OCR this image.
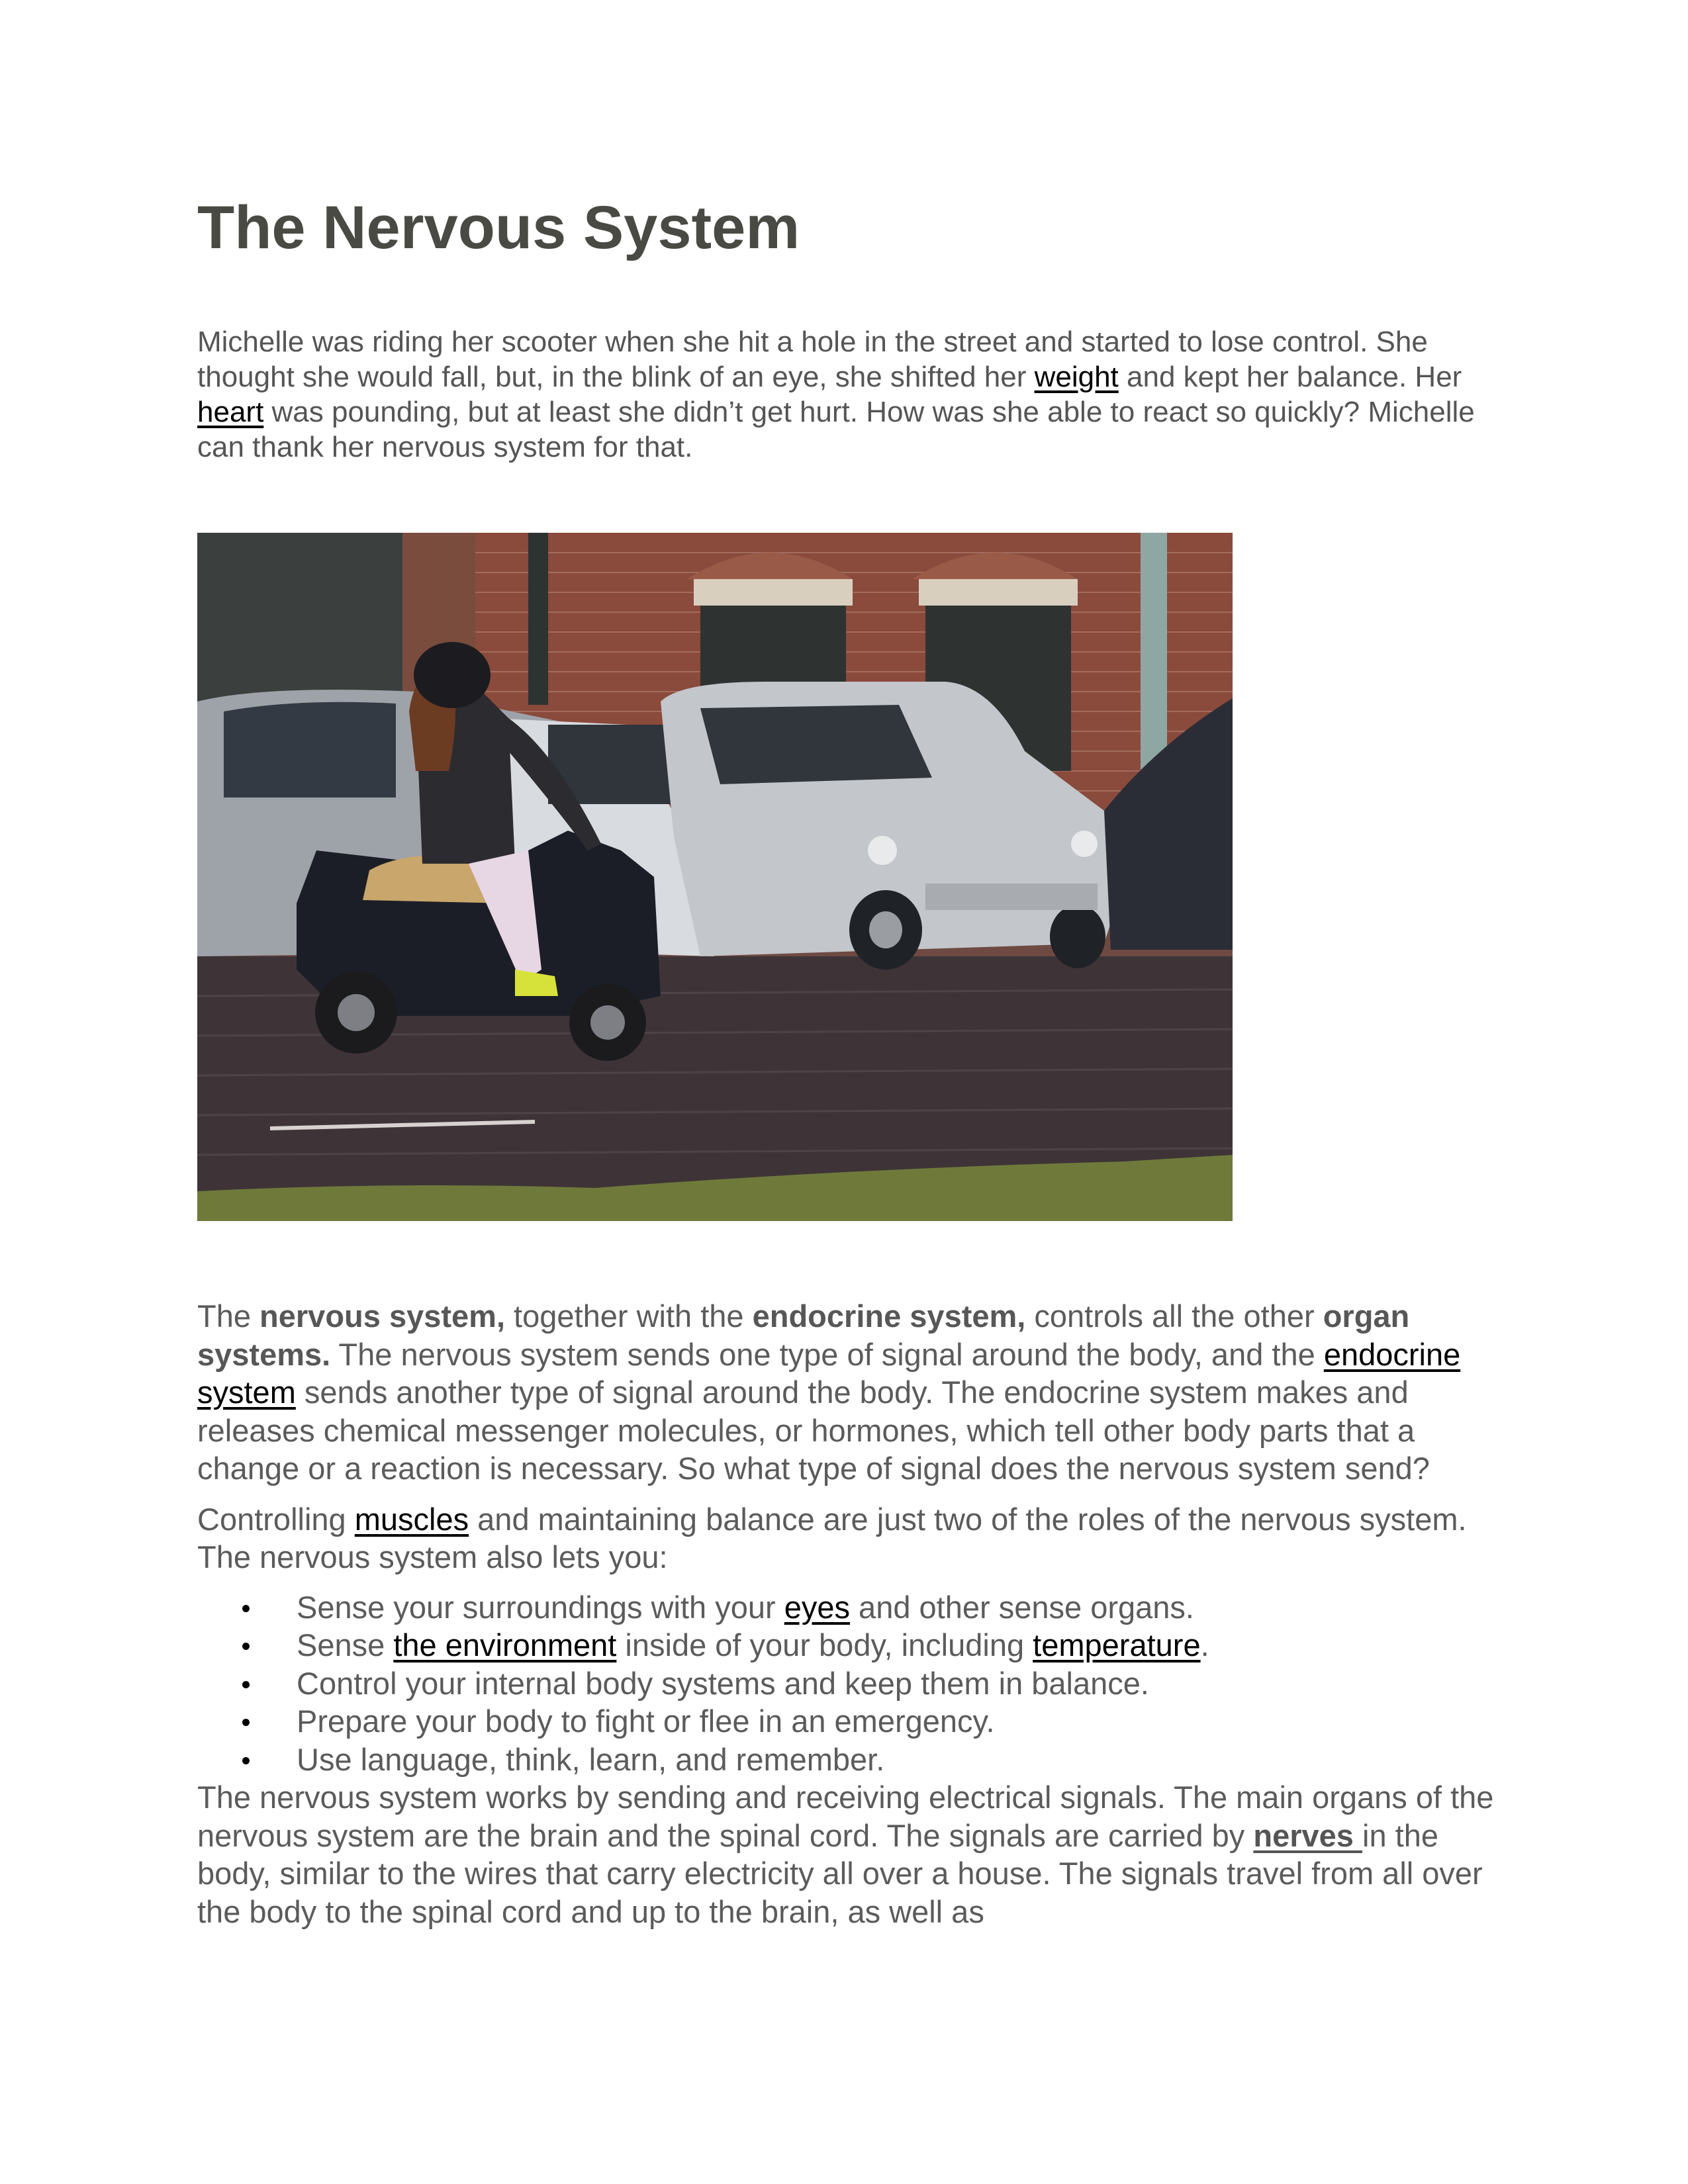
The Nervous System

Michelle was riding her scooter when she hit a hole in the street and started to lose control. She thought she would fall, but, in the blink of an eye, she shifted her weight and kept her balance. Her heart was pounding, but at least she didn’t get hurt. How was she able to react so quickly? Michelle can thank her nervous system for that.

The nervous system, together with the endocrine system, controls all the other organ systems. The nervous system sends one type of signal around the body, and the endocrine system sends another type of signal around the body. The endocrine system makes and releases chemical messenger molecules, or hormones, which tell other body parts that a change or a reaction is necessary. So what type of signal does the nervous system send?

Controlling muscles and maintaining balance are just two of the roles of the nervous system. The nervous system also lets you:

Sense your surroundings with your eyes and other sense organs.
Sense the environment inside of your body, including temperature.
Control your internal body systems and keep them in balance.
Prepare your body to fight or flee in an emergency.
Use language, think, learn, and remember.

The nervous system works by sending and receiving electrical signals. The main organs of the nervous system are the brain and the spinal cord. The signals are carried by nerves in the body, similar to the wires that carry electricity all over a house. The signals travel from all over the body to the spinal cord and up to the brain, as well as
